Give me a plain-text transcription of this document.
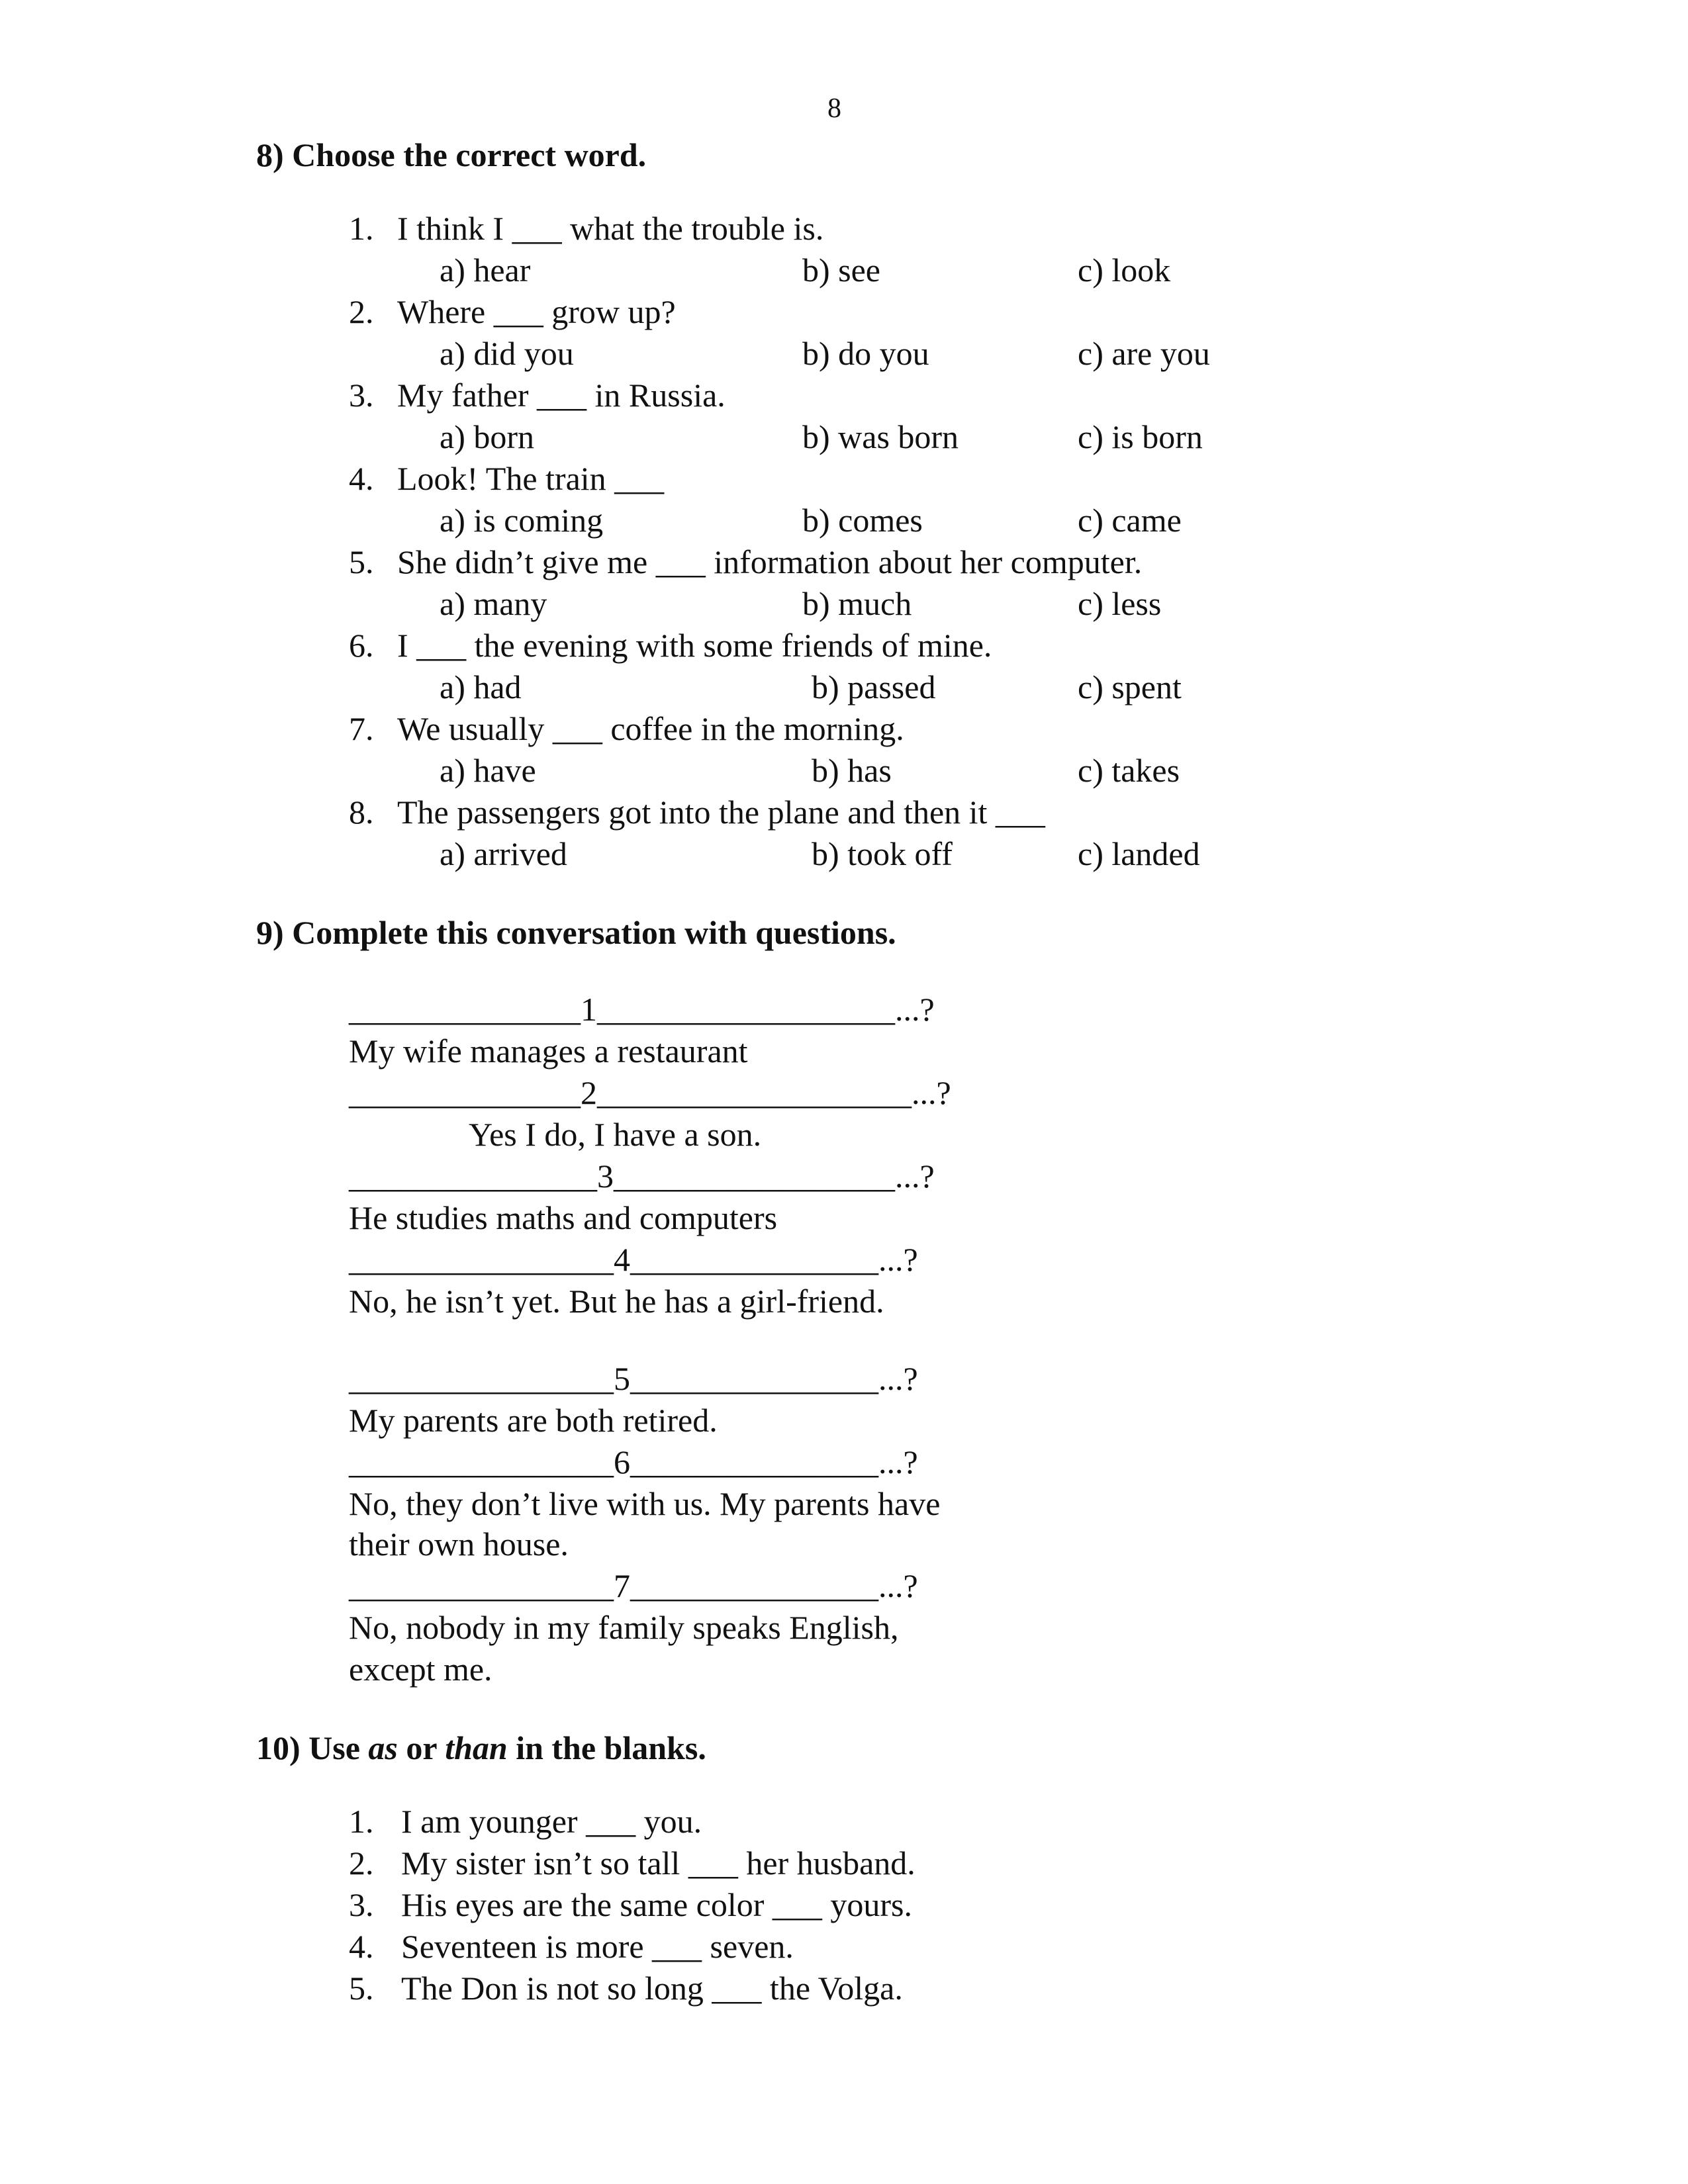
8
8) Choose the correct word.
1. I think I ___ what the trouble is.
a) hear	b) see	c) look
2. Where ___ grow up?
a) did you	b) do you	c) are you
3. My father ___ in Russia.
a) born	b) was born	c) is born
4. Look! The train ___
a) is coming	b) comes	c) came
5. She didn’t give me ___ information about her computer.
a) many	b) much	c) less
6. I ___ the evening with some friends of mine.
a) had	b) passed	c) spent
7. We usually ___ coffee in the morning.
a) have	b) has	c) takes
8. The passengers got into the plane and then it ___
a) arrived	b) took off	c) landed
9) Complete this conversation with questions.
______________1__________________...?
My wife manages a restaurant
______________2___________________...?
Yes I do, I have a son.
_______________3_________________...?
He studies maths and computers
________________4_______________...?
No, he isn’t yet. But he has a girl-friend.
________________5_______________...?
My parents are both retired.
________________6_______________...?
No, they don’t live with us. My parents have
their own house.
________________7_______________...?
No, nobody in my family speaks English,
except me.
10) Use as or than in the blanks.
1. I am younger ___ you.
2. My sister isn’t so tall ___ her husband.
3. His eyes are the same color ___ yours.
4. Seventeen is more ___ seven.
5. The Don is not so long ___ the Volga.
